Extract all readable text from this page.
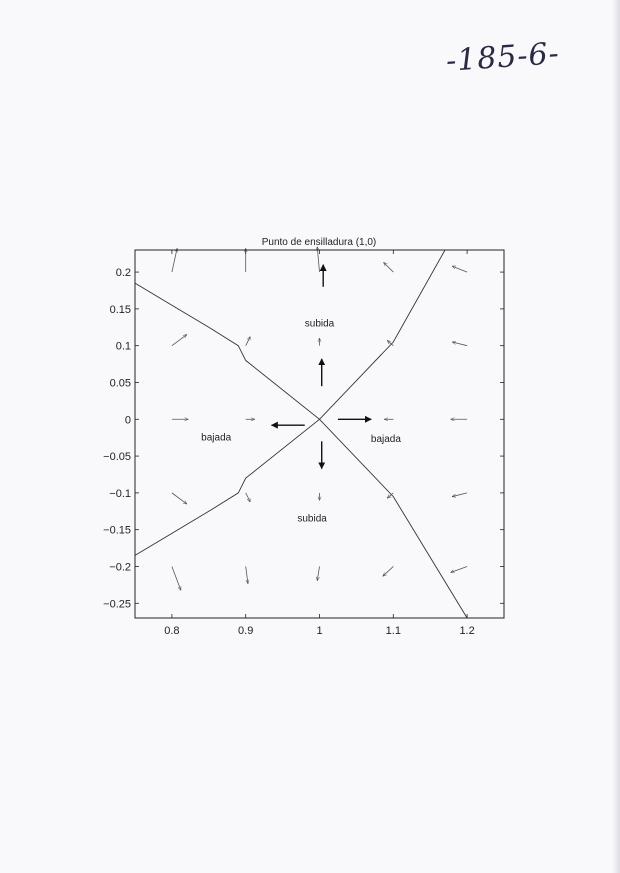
-185-6-
Punto de ensilladura (1,0)
subida
bajada	bajada
subida
0.8	0.9	1	1.1	1.2
0.2
0.15
0.1
0.05
0
−0.05
−0.1
−0.15
−0.2
−0.25
